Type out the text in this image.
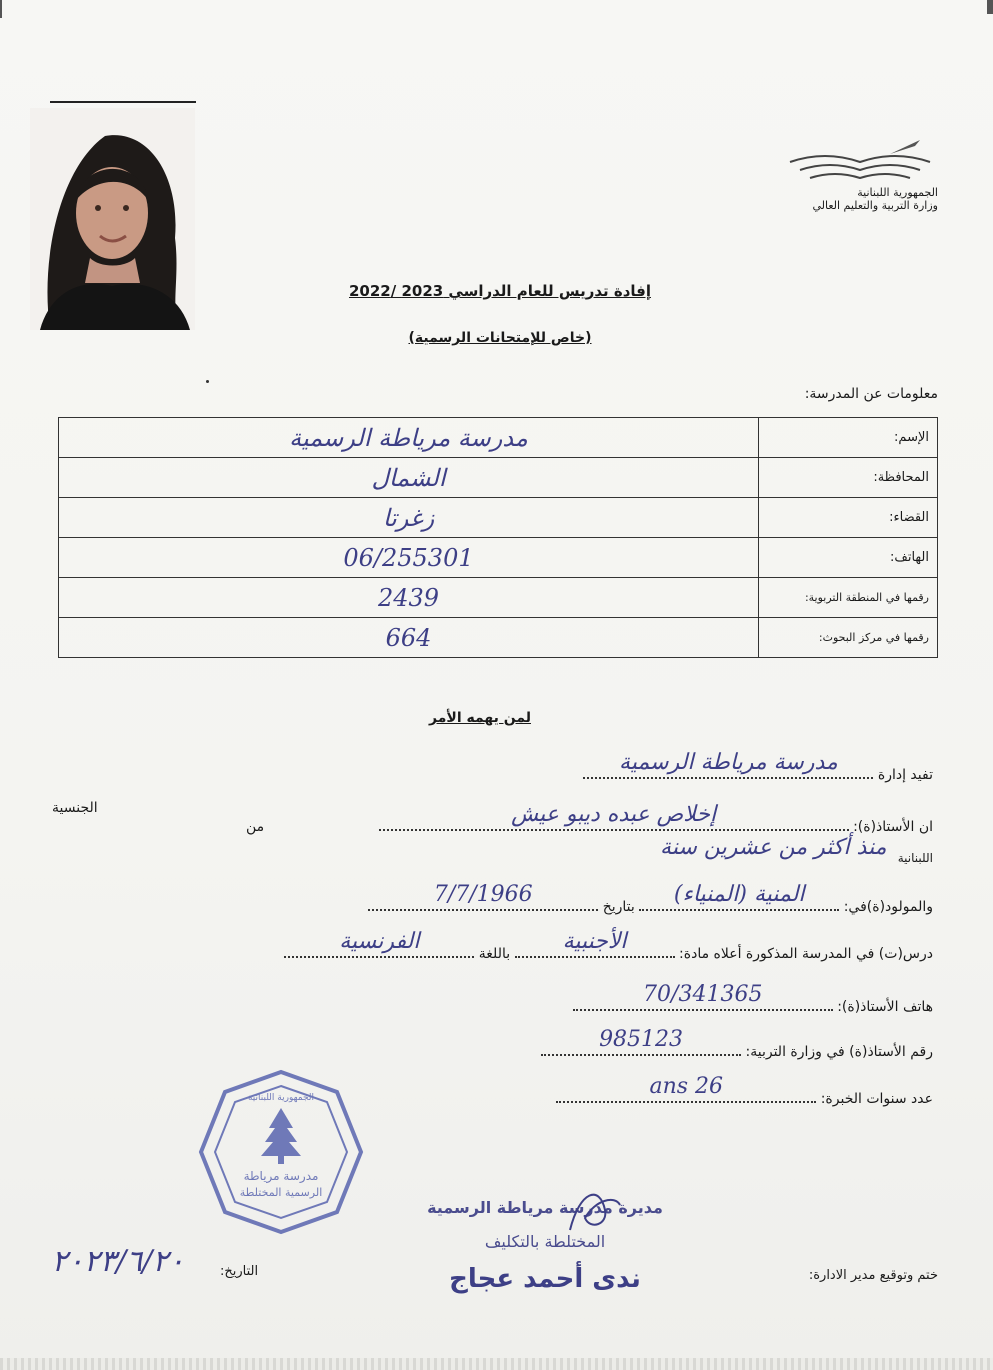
الجمهورية اللبنانية
وزارة التربية والتعليم العالي
إفادة تدريس للعام الدراسي 2023 /2022
(خاص للإمتحانات الرسمية)
معلومات عن المدرسة:
مدرسة مرياطة الرسمية	الإسم:
الشمال	المحافظة:
زغرتا	القضاء:
06/255301	الهاتف:
2439	رقمها في المنطقة التربوية:
664	رقمها في مركز البحوث:
لمن يهمه الأمر
تفيد إدارة
مدرسة مرياطة الرسمية
ان الأستاذ(ة):
إخلاص عبده ديبو عيش
من
الجنسية
اللبنانية
منذ أكثر من عشرين سنة
والمولود(ة)في:
المنية (المنياء)
بتاريخ
7/7/1966
درس(ت) في المدرسة المذكورة أعلاه مادة:
الأجنبية
باللغة
الفرنسية
هاتف الأستاذ(ة):
70/341365
رقم الأستاذ(ة) في وزارة التربية:
985123
عدد سنوات الخبرة:
26 ans
مدرسة مرياطة
الرسمية المختلطة
الجمهورية اللبنانية
مديرة مدرسة مرياطة الرسمية
المختلطة بالتكليف
ندى أحمد عجاج	ختم وتوقيع مدير الادارة:
التاريخ:
٢٠٢٣/٦/٢٠
